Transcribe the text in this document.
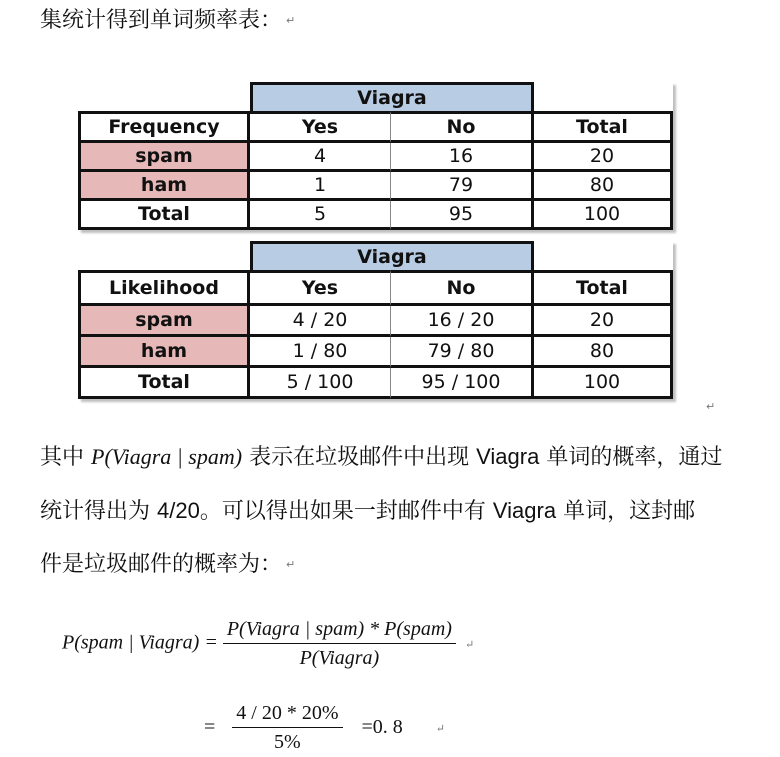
集统计得到单词频率表： ↵
	Viagra		
Frequency	Yes	No	Total
spam	4	16	20
ham	1	79	80
Total	5	95	100
	Viagra		
Likelihood	Yes	No	Total
spam	4 / 20	16 / 20	20
ham	1 / 80	79 / 80	80
Total	5 / 100	95 / 100	100
↵
其中 P(Viagra | spam) 表示在垃圾邮件中出现 Viagra 单词的概率，通过
统计得出为 4/20。可以得出如果一封邮件中有 Viagra 单词，这封邮
件是垃圾邮件的概率为： ↵
P(spam | Viagra) = $\frac{\text{P(Viagra | spam) * P(spam)}}{\text{P(Viagra)}}$ ↵
= $\frac{4 / 20 * 20\%}{5\%} =0$. 8	↵
